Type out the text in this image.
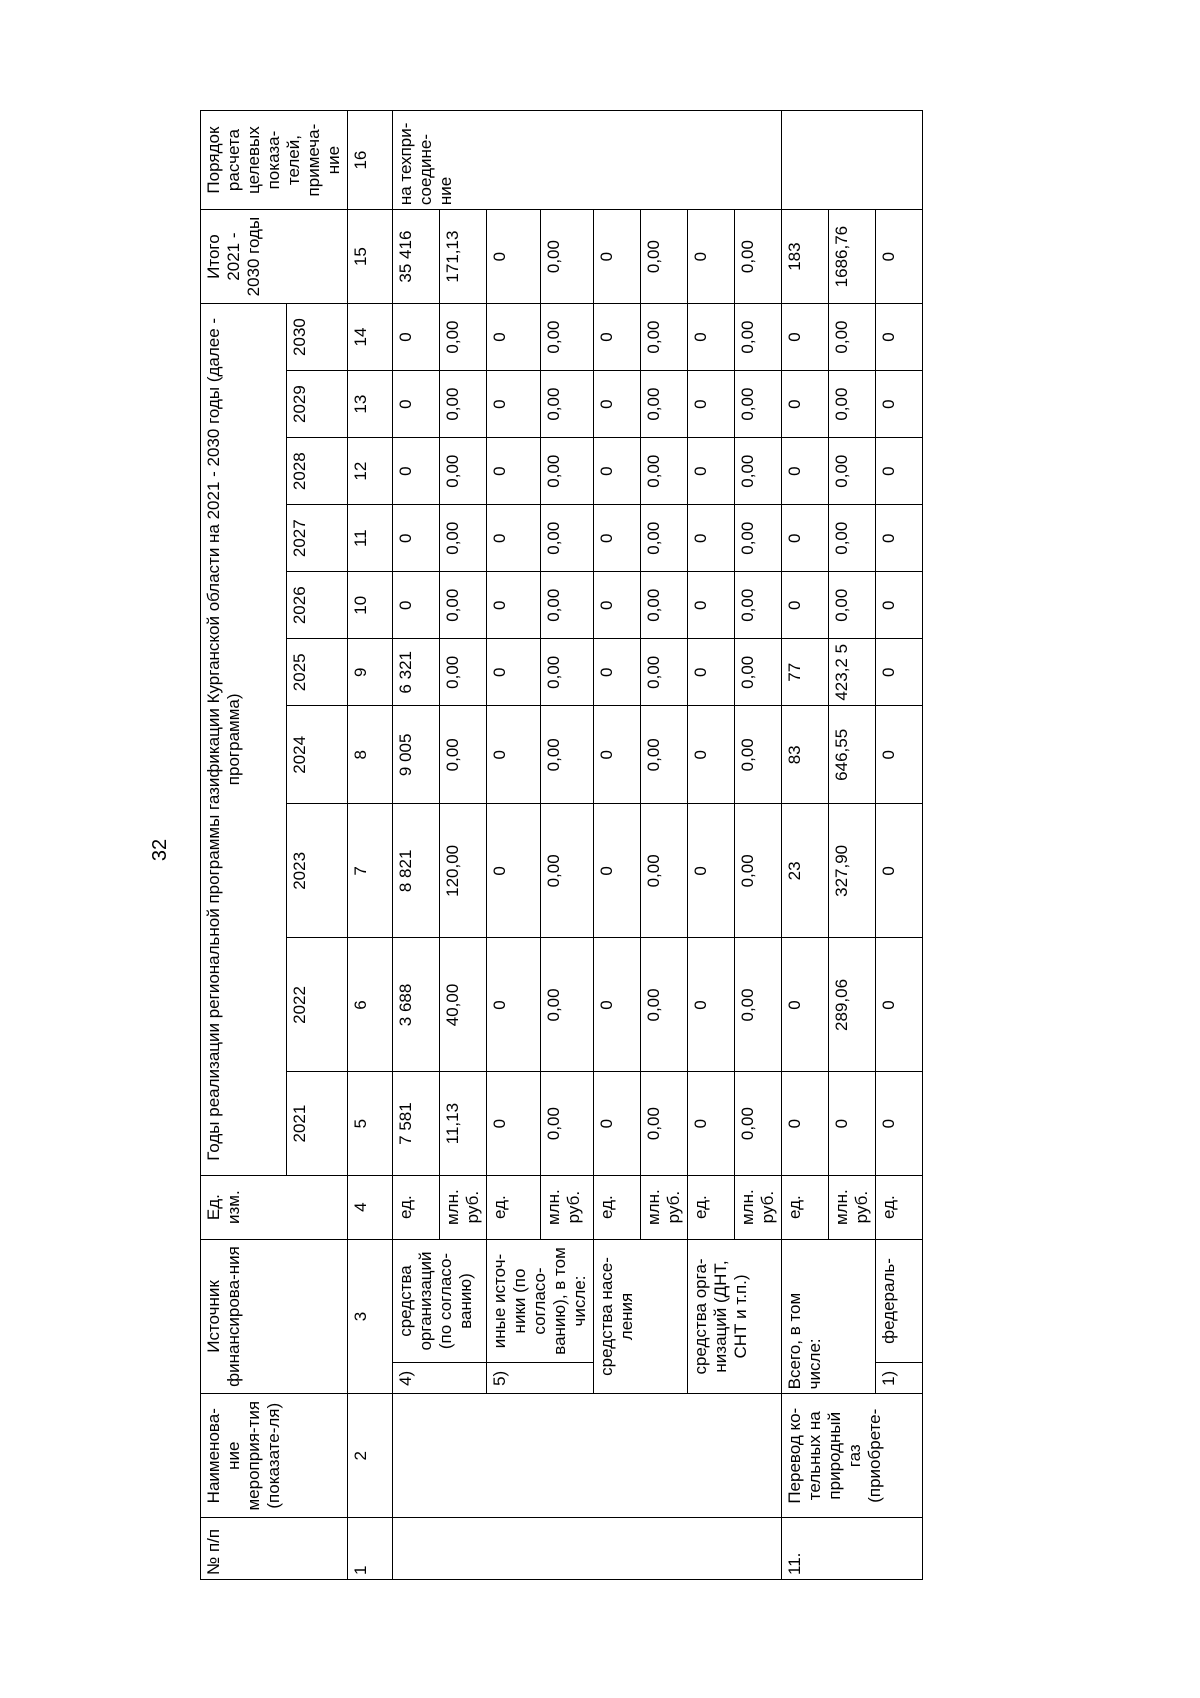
32
№ п/п	Наименова-ние мероприя-тия (показате-ля)	Источник финансирова-ния		Ед. изм.	Годы реализации региональной программы газификации Курганской области на 2021 - 2030 годы (далее - программа)										Итого 2021 - 2030 годы	Порядок расчета целевых показа-телей, примеча-ние
					2021	2022	2023	2024	2025	2026	2027	2028	2029	2030		
1	2	3		4	5	6	7	8	9	10	11	12	13	14	15	16
		4)	средства организаций (по согласо-ванию)	ед.	7 581	3 688	8 821	9 005	6 321	0	0	0	0	0	35 416	на техпри-соедине-ние
				млн. руб.	11,13	40,00	120,00	0,00	0,00	0,00	0,00	0,00	0,00	0,00	171,13	
		5)	иные источ-ники (по согласо-ванию), в том числе:	ед.	0	0	0	0	0	0	0	0	0	0	0	
				млн. руб.	0,00	0,00	0,00	0,00	0,00	0,00	0,00	0,00	0,00	0,00	0,00	
		средства насе-ления		ед.	0	0	0	0	0	0	0	0	0	0	0	
				млн. руб.	0,00	0,00	0,00	0,00	0,00	0,00	0,00	0,00	0,00	0,00	0,00	
		средства орга-низаций (ДНТ, СНТ и т.п.)		ед.	0	0	0	0	0	0	0	0	0	0	0	
				млн. руб.	0,00	0,00	0,00	0,00	0,00	0,00	0,00	0,00	0,00	0,00	0,00	
11.	Перевод ко-тельных на природный газ (приобрете-	Всего, в том числе:		ед.	0	0	23	83	77	0	0	0	0	0	183	
				млн. руб.	0	289,06	327,90	646,55	423,2 5	0,00	0,00	0,00	0,00	0,00	1686,76	
		1)	федераль-	ед.	0	0	0	0	0	0	0	0	0	0	0	
